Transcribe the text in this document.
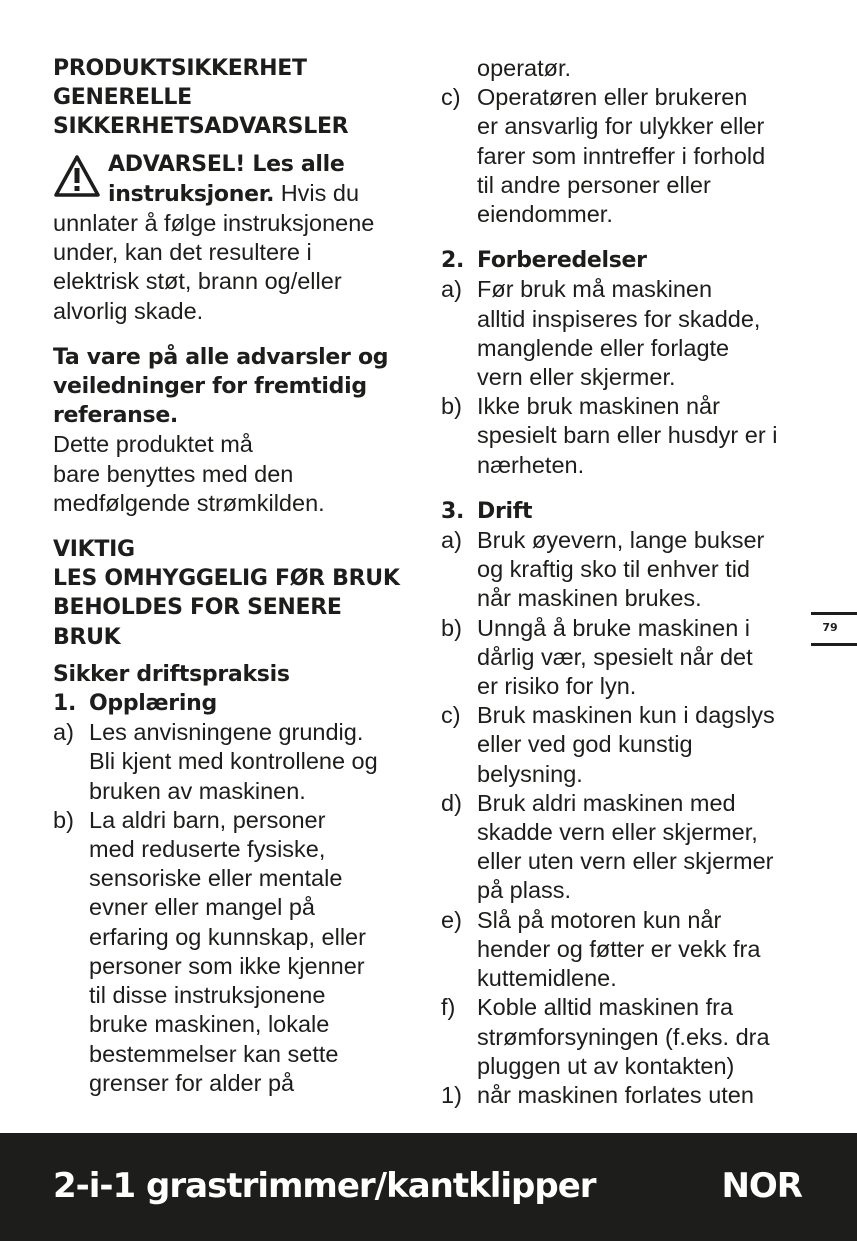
PRODUKTSIKKERHET

GENERELLE

SIKKERHETSADVARSLER

ADVARSEL! Les alle

instruksjoner. Hvis du

unnlater å følge instruksjonene

under, kan det resultere i

elektrisk støt, brann og/eller

alvorlig skade.

Ta vare på alle advarsler og

veiledninger for fremtidig

referanse.

Dette produktet må

bare benyttes med den

medfølgende strømkilden.

VIKTIG

LES OMHYGGELIG FØR BRUK

BEHOLDES FOR SENERE

BRUK

Sikker driftspraksis

1. Opplæring

a) Les anvisningene grundig.

Bli kjent med kontrollene og

bruken av maskinen.

b) La aldri barn, personer

med reduserte fysiske,

sensoriske eller mentale

evner eller mangel på

erfaring og kunnskap, eller

personer som ikke kjenner

til disse instruksjonene

bruke maskinen, lokale

bestemmelser kan sette

grenser for alder på

operatør.

c) Operatøren eller brukeren

er ansvarlig for ulykker eller

farer som inntreffer i forhold

til andre personer eller

eiendommer.

2. Forberedelser

a) Før bruk må maskinen

alltid inspiseres for skadde,

manglende eller forlagte

vern eller skjermer.

b) Ikke bruk maskinen når

spesielt barn eller husdyr er i

nærheten.

3. Drift

a) Bruk øyevern, lange bukser

og kraftig sko til enhver tid

når maskinen brukes.

b) Unngå å bruke maskinen i

dårlig vær, spesielt når det

er risiko for lyn.

c) Bruk maskinen kun i dagslys

eller ved god kunstig

belysning.

d) Bruk aldri maskinen med

skadde vern eller skjermer,

eller uten vern eller skjermer

på plass.

e) Slå på motoren kun når

hender og føtter er vekk fra

kuttemidlene.

f) Koble alltid maskinen fra

strømforsyningen (f.eks. dra

pluggen ut av kontakten)

1) når maskinen forlates uten

79
2-i-1 grastrimmer/kantklipper	NOR
